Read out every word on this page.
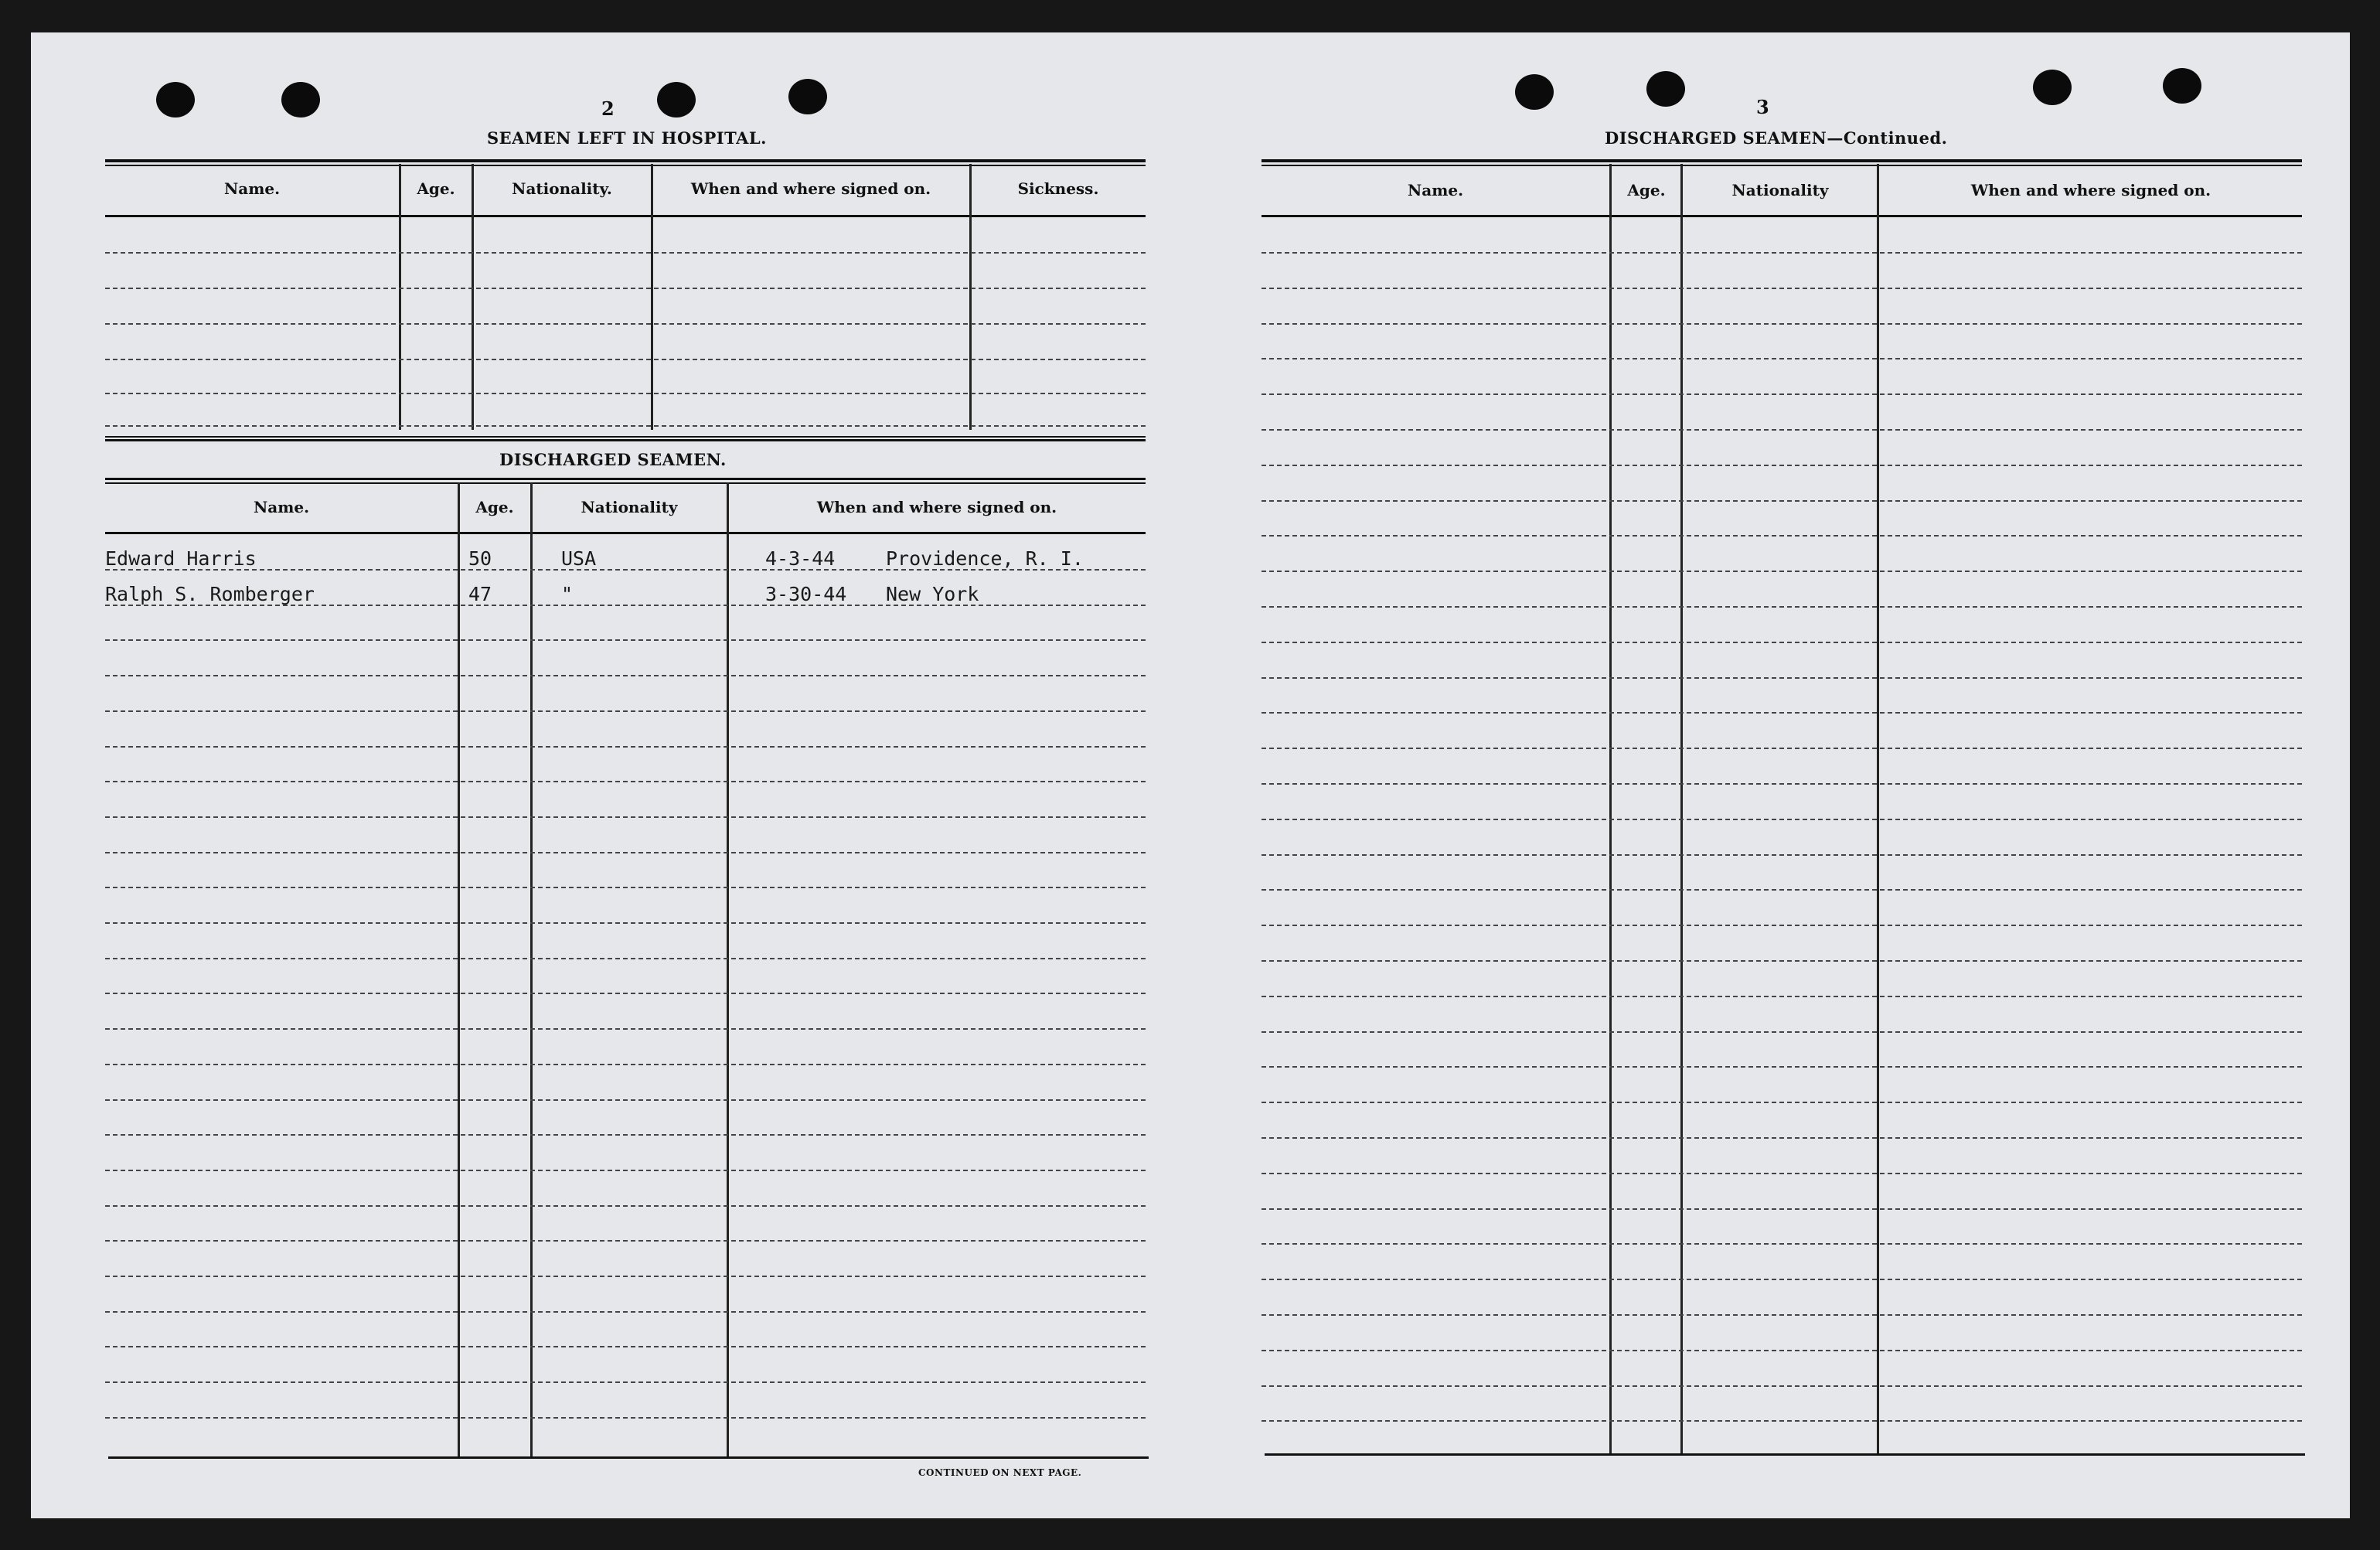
2
SEAMEN LEFT IN HOSPITAL.
Name.	Age.	Nationality.	When and where signed on.	Sickness.
DISCHARGED SEAMEN.
Name.	Age.	Nationality	When and where signed on.
Edward Harris	50	USA	4-3-44	Providence, R. I.
Ralph S. Romberger	47	"	3-30-44 New York
CONTINUED ON NEXT PAGE.
3
DISCHARGED SEAMEN—Continued.
Name.	Age.	Nationality	When and where signed on.
